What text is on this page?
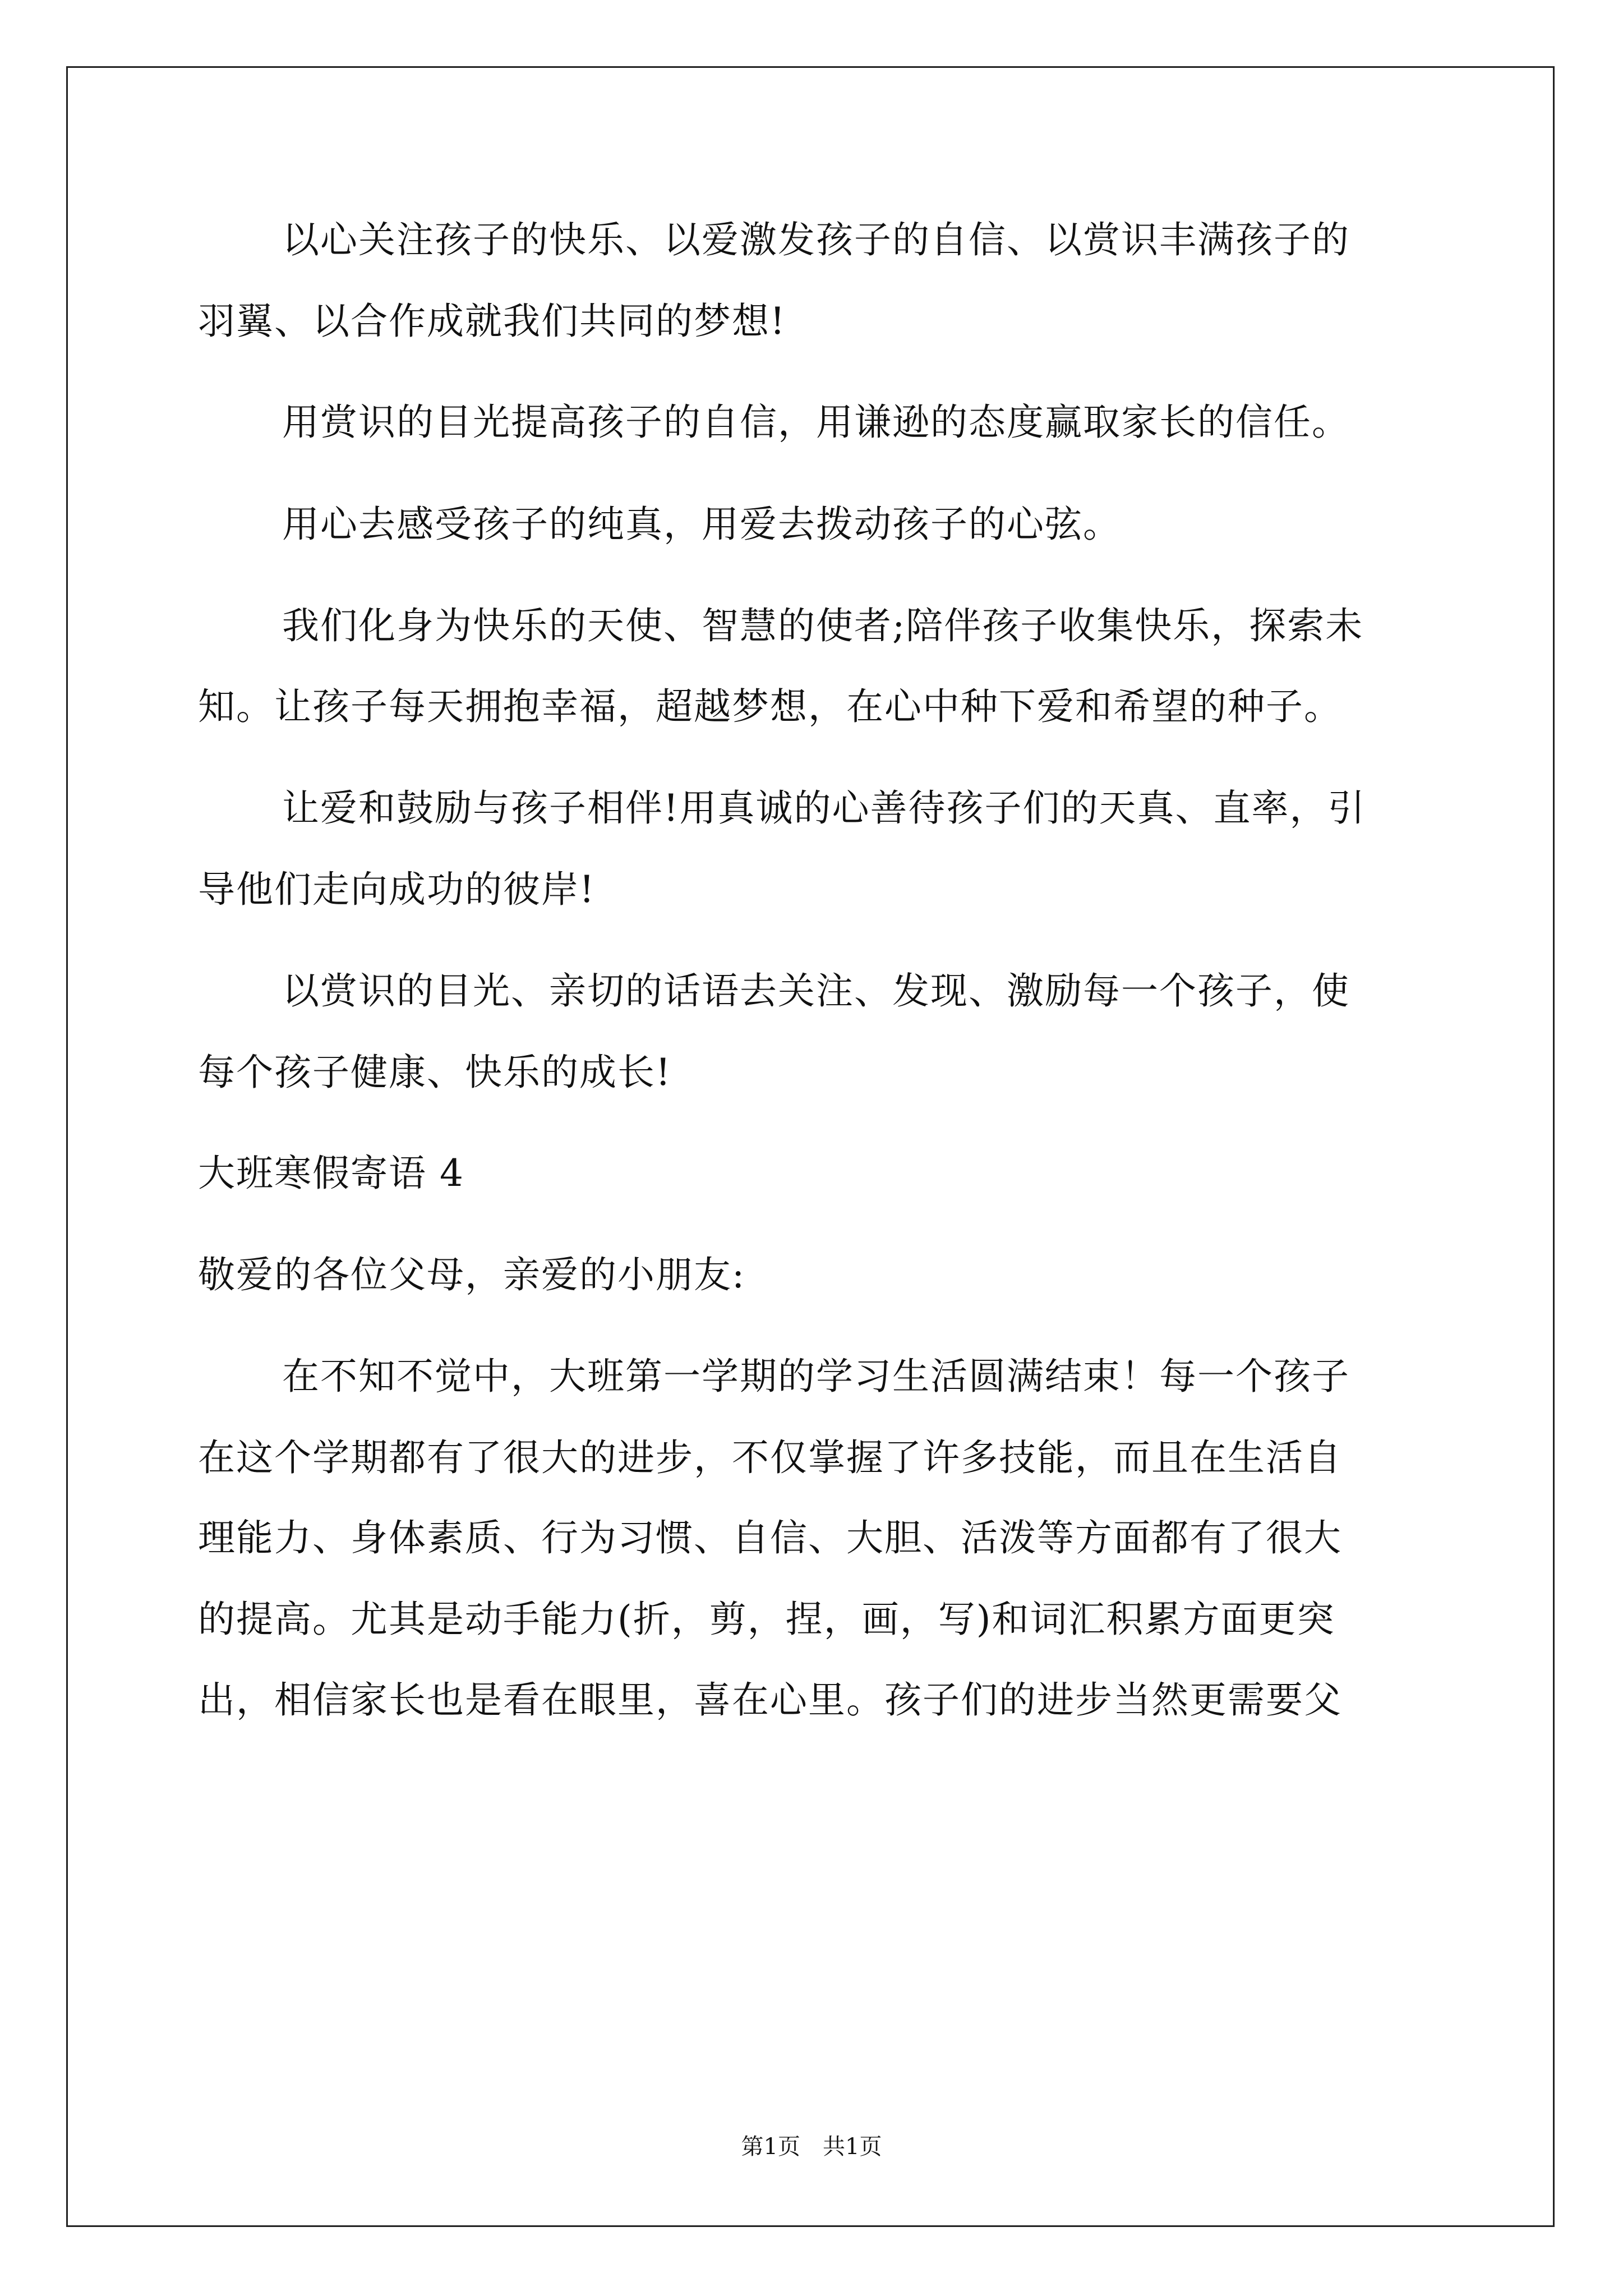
以心关注孩子的快乐、以爱激发孩子的自信、以赏识丰满孩子的
羽翼、以合作成就我们共同的梦想!
用赏识的目光提高孩子的自信，用谦逊的态度赢取家长的信任。
用心去感受孩子的纯真，用爱去拨动孩子的心弦。
我们化身为快乐的天使、智慧的使者;陪伴孩子收集快乐，探索未
知。让孩子每天拥抱幸福，超越梦想，在心中种下爱和希望的种子。
让爱和鼓励与孩子相伴!用真诚的心善待孩子们的天真、直率，引
导他们走向成功的彼岸!
以赏识的目光、亲切的话语去关注、发现、激励每一个孩子，使
每个孩子健康、快乐的成长!
大班寒假寄语 4
敬爱的各位父母，亲爱的小朋友:
在不知不觉中，大班第一学期的学习生活圆满结束！每一个孩子
在这个学期都有了很大的进步，不仅掌握了许多技能，而且在生活自
理能力、身体素质、行为习惯、自信、大胆、活泼等方面都有了很大
的提高。尤其是动手能力(折，剪，捏，画，写)和词汇积累方面更突
出，相信家长也是看在眼里，喜在心里。孩子们的进步当然更需要父
第1页 共1页
